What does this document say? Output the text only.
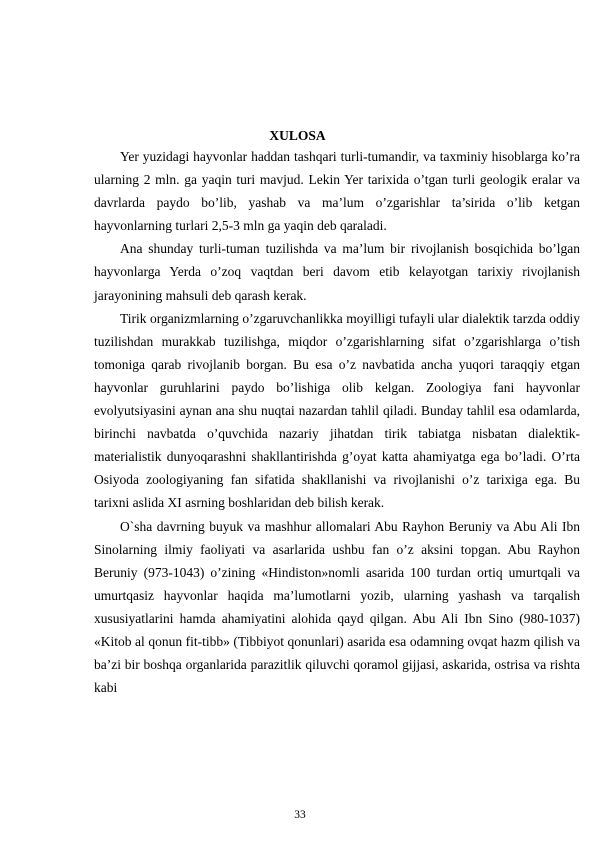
XULOSA

Yer yuzidagi hayvonlar haddan tashqari turli-tumandir, va taxminiy hisoblarga ko’ra ularning 2 mln. ga yaqin turi mavjud. Lekin Yer tarixida o’tgan turli geologik eralar va davrlarda paydo bo’lib, yashab va ma’lum o’zgarishlar ta’sirida o’lib ketgan hayvonlarning turlari 2,5-3 mln ga yaqin deb qaraladi.

Ana shunday turli-tuman tuzilishda va ma’lum bir rivojlanish bosqichida bo’lgan hayvonlarga Yerda o’zoq vaqtdan beri davom etib kelayotgan tarixiy rivojlanish jarayonining mahsuli deb qarash kerak.

Tirik organizmlarning o’zgaruvchanlikka moyilligi tufayli ular dialektik tarzda oddiy tuzilishdan murakkab tuzilishga, miqdor o’zgarishlarning sifat o’zgarishlarga o’tish tomoniga qarab rivojlanib borgan. Bu esa o’z navbatida ancha yuqori taraqqiy etgan hayvonlar guruhlarini paydo bo’lishiga olib kelgan. Zoologiya fani hayvonlar evolyutsiyasini aynan ana shu nuqtai nazardan tahlil qiladi. Bunday tahlil esa odamlarda, birinchi navbatda o’quvchida nazariy jihatdan tirik tabiatga nisbatan dialektik-materialistik dunyoqarashni shakllantirishda g’oyat katta ahamiyatga ega bo’ladi. O’rta Osiyoda zoologiyaning fan sifatida shakllanishi va rivojlanishi o’z tarixiga ega. Bu tarixni aslida XI asrning boshlaridan deb bilish kerak.

O`sha davrning buyuk va mashhur allomalari Abu Rayhon Beruniy va Abu Ali Ibn Sinolarning ilmiy faoliyati va asarlarida ushbu fan o’z aksini topgan. Abu Rayhon Beruniy (973-1043) o’zining «Hindiston»nomli asarida 100 turdan ortiq umurtqali va umurtqasiz hayvonlar haqida ma’lumotlarni yozib, ularning yashash va tarqalish xususiyatlarini hamda ahamiyatini alohida qayd qilgan. Abu Ali Ibn Sino (980-1037) «Kitob al qonun fit-tibb» (Tibbiyot qonunlari) asarida esa odamning ovqat hazm qilish va ba’zi bir boshqa organlarida parazitlik qiluvchi qoramol gijjasi, askarida, ostrisa va rishta kabi

33
